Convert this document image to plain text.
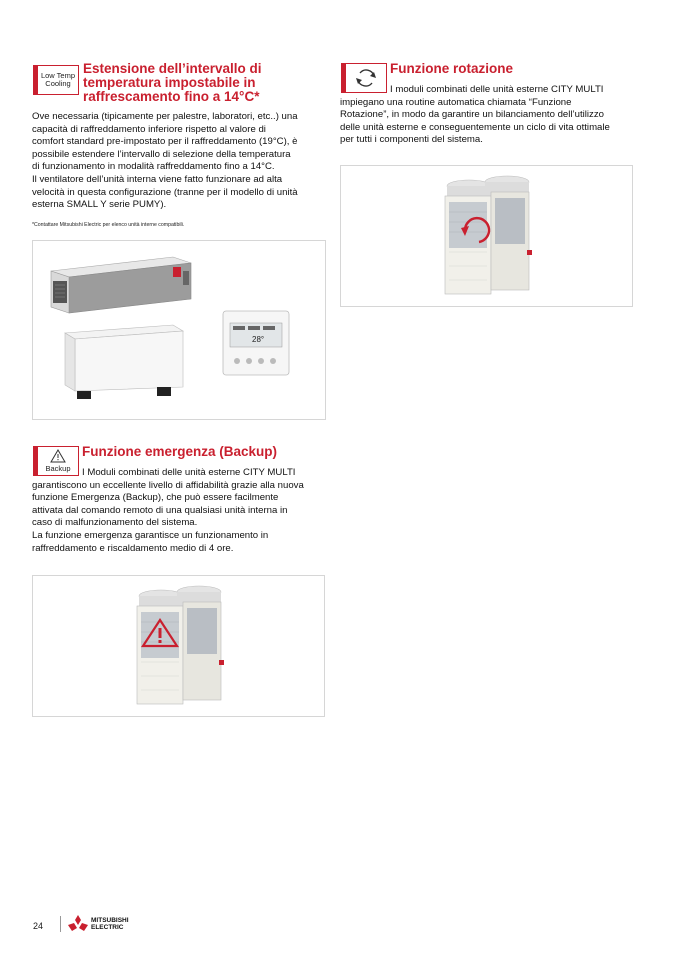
Low Temp
Cooling
Estensione dell’intervallo di
temperatura impostabile in
raffrescamento fino a 14°C*
Ove necessaria (tipicamente per palestre, laboratori, etc..) una
capacità di raffreddamento inferiore rispetto al valore di
comfort standard pre-impostato per il raffreddamento (19°C), è
possibile estendere l’intervallo di selezione della temperatura
di funzionamento in modalità raffreddamento fino a 14°C.
Il ventilatore dell’unità interna viene fatto funzionare ad alta
velocità in questa configurazione (tranne per il modello di unità
esterna SMALL Y serie PUMY).
*Contattare Mitsubishi Electric per elenco unità interne compatibili.
28°
Funzione rotazione
I moduli combinati delle unità esterne CITY MULTI
impiegano una routine automatica chiamata “Funzione
Rotazione”, in modo da garantire un bilanciamento dell’utilizzo
delle unità esterne e conseguentemente un ciclo di vita ottimale
per tutti i componenti del sistema.
Backup
Funzione emergenza (Backup)
I Moduli combinati delle unità esterne CITY MULTI
garantiscono un eccellente livello di affidabilità grazie alla nuova
funzione Emergenza (Backup), che può essere facilmente
attivata dal comando remoto di una qualsiasi unità interna in
caso di malfunzionamento del sistema.
La funzione emergenza garantisce un funzionamento in
raffreddamento e riscaldamento medio di 4 ore.
24
MITSUBISHI
ELECTRIC
